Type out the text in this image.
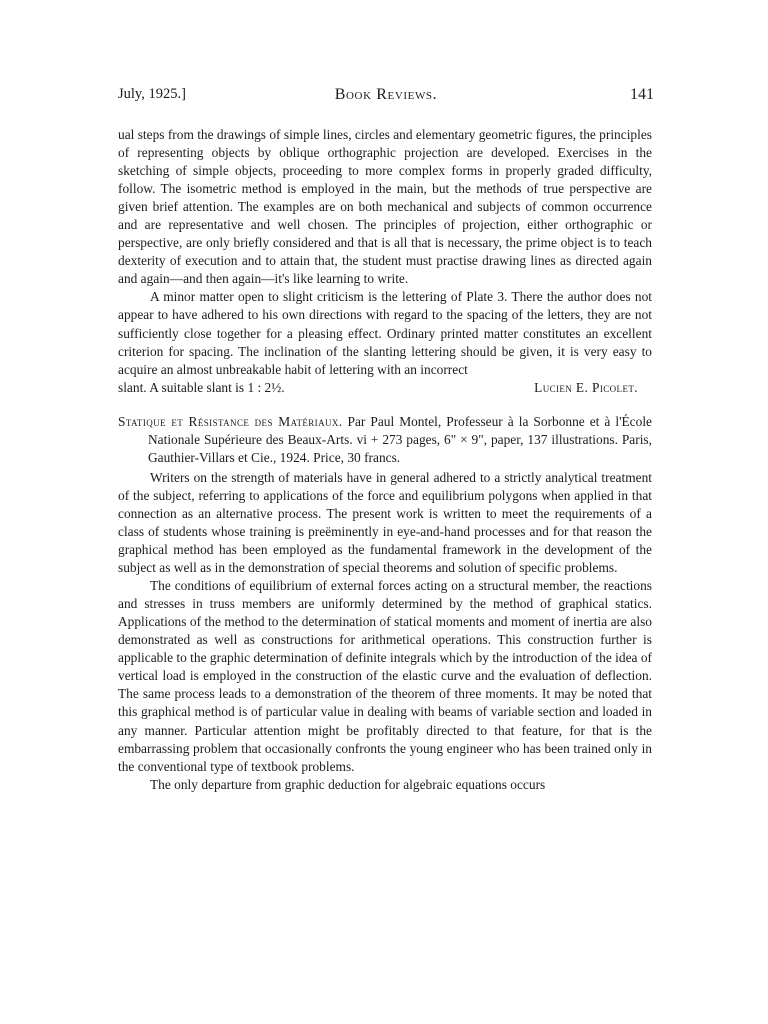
July, 1925.]	Book Reviews.	141

ual steps from the drawings of simple lines, circles and elementary geometric figures, the principles of representing objects by oblique orthographic projection are developed. Exercises in the sketching of simple objects, proceeding to more complex forms in properly graded difficulty, follow. The isometric method is employed in the main, but the methods of true perspective are given brief attention. The examples are on both mechanical and subjects of common occurrence and are representative and well chosen. The principles of projection, either orthographic or perspective, are only briefly considered and that is all that is necessary, the prime object is to teach dexterity of execution and to attain that, the student must practise drawing lines as directed again and again—and then again—it's like learning to write.

A minor matter open to slight criticism is the lettering of Plate 3. There the author does not appear to have adhered to his own directions with regard to the spacing of the letters, they are not sufficiently close together for a pleasing effect. Ordinary printed matter constitutes an excellent criterion for spacing. The inclination of the slanting lettering should be given, it is very easy to acquire an almost unbreakable habit of lettering with an incorrect

slant. A suitable slant is 1 : 2½.	Lucien E. Picolet.

Statique et Résistance des Matériaux. Par Paul Montel, Professeur à la Sorbonne et à l'École Nationale Supérieure des Beaux-Arts. vi + 273 pages, 6" × 9", paper, 137 illustrations. Paris, Gauthier-Villars et Cie., 1924. Price, 30 francs.

Writers on the strength of materials have in general adhered to a strictly analytical treatment of the subject, referring to applications of the force and equilibrium polygons when applied in that connection as an alternative process. The present work is written to meet the requirements of a class of students whose training is preëminently in eye-and-hand processes and for that reason the graphical method has been employed as the fundamental framework in the development of the subject as well as in the demonstration of special theorems and solution of specific problems.

The conditions of equilibrium of external forces acting on a structural member, the reactions and stresses in truss members are uniformly determined by the method of graphical statics. Applications of the method to the determination of statical moments and moment of inertia are also demonstrated as well as constructions for arithmetical operations. This construction further is applicable to the graphic determination of definite integrals which by the introduction of the idea of vertical load is employed in the construction of the elastic curve and the evaluation of deflection. The same process leads to a demonstration of the theorem of three moments. It may be noted that this graphical method is of particular value in dealing with beams of variable section and loaded in any manner. Particular attention might be profitably directed to that feature, for that is the embarrassing problem that occasionally confronts the young engineer who has been trained only in the conventional type of textbook problems.

The only departure from graphic deduction for algebraic equations occurs
